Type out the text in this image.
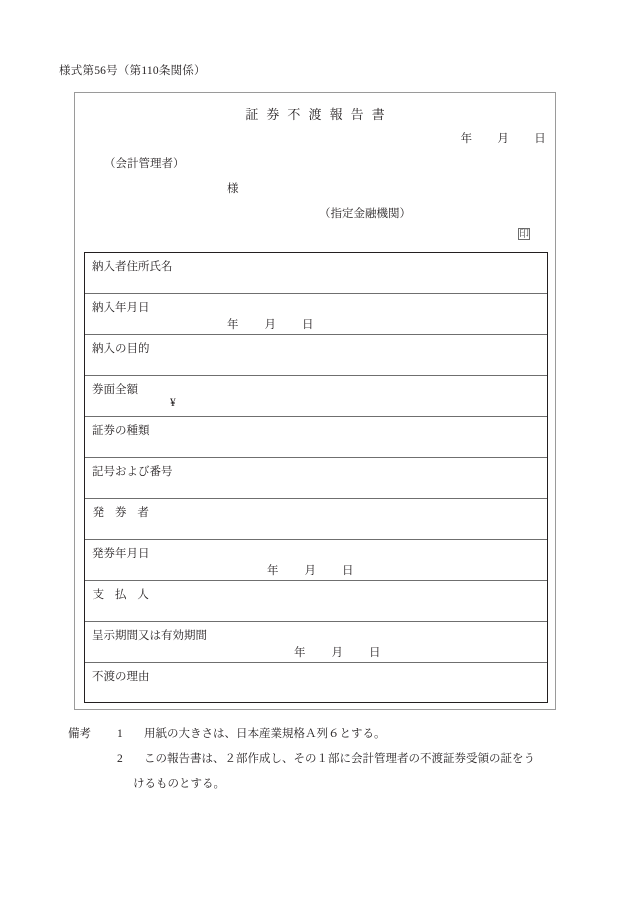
様式第56号（第110条関係）
証券不渡報告書
年 月 日
（会計管理者）
様
（指定金融機関）
印
納入者住所氏名
納入年月日
年 月 日
納入の目的
券面全額
¥
証券の種類
記号および番号
発券者
発券年月日
年 月 日
支払人
呈示期間又は有効期間
年 月 日
不渡の理由
備考 1	用紙の大きさは、日本産業規格Ａ列６とする。
2	この報告書は、２部作成し、その１部に会計管理者の不渡証券受領の証をう
けるものとする。
